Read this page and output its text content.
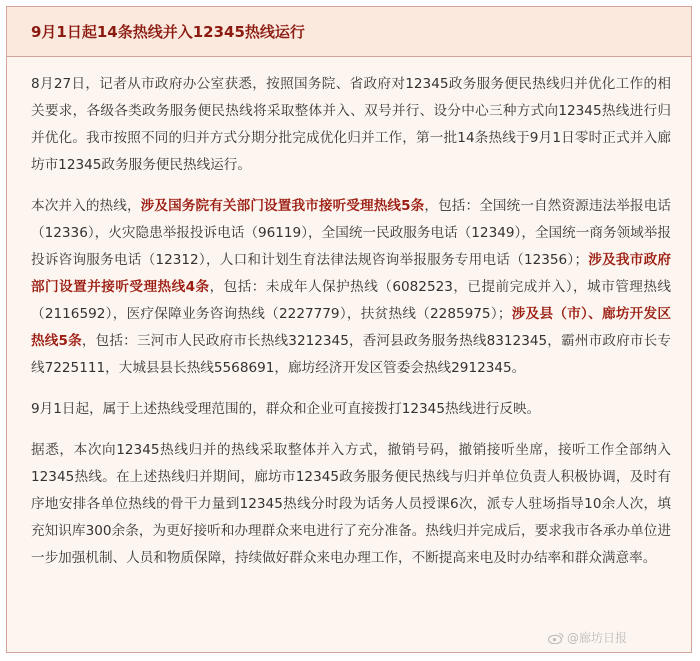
9月1日起14条热线并入12345热线运行

8月27日，记者从市政府办公室获悉，按照国务院、省政府对12345政务服务便民热线归并优化工作的相关要求，各级各类政务服务便民热线将采取整体并入、双号并行、设分中心三种方式向12345热线进行归并优化。我市按照不同的归并方式分期分批完成优化归并工作，第一批14条热线于9月1日零时正式并入廊坊市12345政务服务便民热线运行。

本次并入的热线，涉及国务院有关部门设置我市接听受理热线5条，包括：全国统一自然资源违法举报电话（12336），火灾隐患举报投诉电话（96119），全国统一民政服务电话（12349），全国统一商务领域举报投诉咨询服务电话（12312），人口和计划生育法律法规咨询举报服务专用电话（12356）；涉及我市政府部门设置并接听受理热线4条，包括：未成年人保护热线（6082523，已提前完成并入），城市管理热线（2116592），医疗保障业务咨询热线（2227779），扶贫热线（2285975）；涉及县（市）、廊坊开发区热线5条，包括：三河市人民政府市长热线3212345，香河县政务服务热线8312345，霸州市政府市长专线7225111，大城县县长热线5568691，廊坊经济开发区管委会热线2912345。

9月1日起，属于上述热线受理范围的，群众和企业可直接拨打12345热线进行反映。

据悉，本次向12345热线归并的热线采取整体并入方式，撤销号码，撤销接听坐席，接听工作全部纳入12345热线。在上述热线归并期间，廊坊市12345政务服务便民热线与归并单位负责人积极协调，及时有序地安排各单位热线的骨干力量到12345热线分时段为话务人员授课6次，派专人驻场指导10余人次，填充知识库300余条，为更好接听和办理群众来电进行了充分准备。热线归并完成后，要求我市各承办单位进一步加强机制、人员和物质保障，持续做好群众来电办理工作，不断提高来电及时办结率和群众满意率。

@廊坊日报
